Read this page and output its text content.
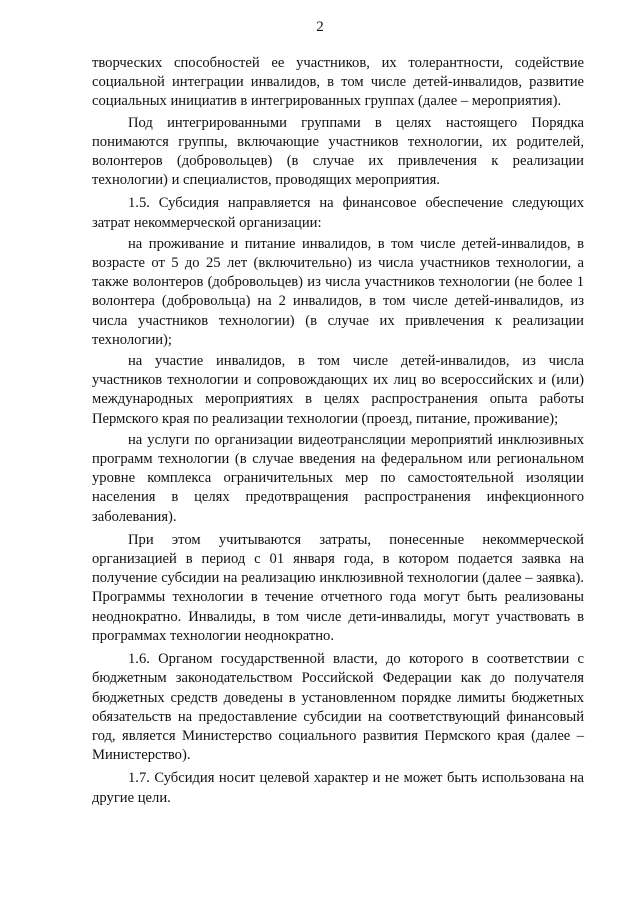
2

творческих способностей ее участников, их толерантности, содействие социальной интеграции инвалидов, в том числе детей-инвалидов, развитие социальных инициатив в интегрированных группах (далее – мероприятия).

Под интегрированными группами в целях настоящего Порядка понимаются группы, включающие участников технологии, их родителей, волонтеров (добровольцев) (в случае их привлечения к реализации технологии) и специалистов, проводящих мероприятия.

1.5. Субсидия направляется на финансовое обеспечение следующих затрат некоммерческой организации:

на проживание и питание инвалидов, в том числе детей-инвалидов, в возрасте от 5 до 25 лет (включительно) из числа участников технологии, а также волонтеров (добровольцев) из числа участников технологии (не более 1 волонтера (добровольца) на 2 инвалидов, в том числе детей-инвалидов, из числа участников технологии) (в случае их привлечения к реализации технологии);

на участие инвалидов, в том числе детей-инвалидов, из числа участников технологии и сопровождающих их лиц во всероссийских и (или) международных мероприятиях в целях распространения опыта работы Пермского края по реализации технологии (проезд, питание, проживание);

на услуги по организации видеотрансляции мероприятий инклюзивных программ технологии (в случае введения на федеральном или региональном уровне комплекса ограничительных мер по самостоятельной изоляции населения в целях предотвращения распространения инфекционного заболевания).

При этом учитываются затраты, понесенные некоммерческой организацией в период с 01 января года, в котором подается заявка на получение субсидии на реализацию инклюзивной технологии (далее – заявка). Программы технологии в течение отчетного года могут быть реализованы неоднократно. Инвалиды, в том числе дети-инвалиды, могут участвовать в программах технологии неоднократно.

1.6. Органом государственной власти, до которого в соответствии с бюджетным законодательством Российской Федерации как до получателя бюджетных средств доведены в установленном порядке лимиты бюджетных обязательств на предоставление субсидии на соответствующий финансовый год, является Министерство социального развития Пермского края (далее – Министерство).

1.7. Субсидия носит целевой характер и не может быть использована на другие цели.
